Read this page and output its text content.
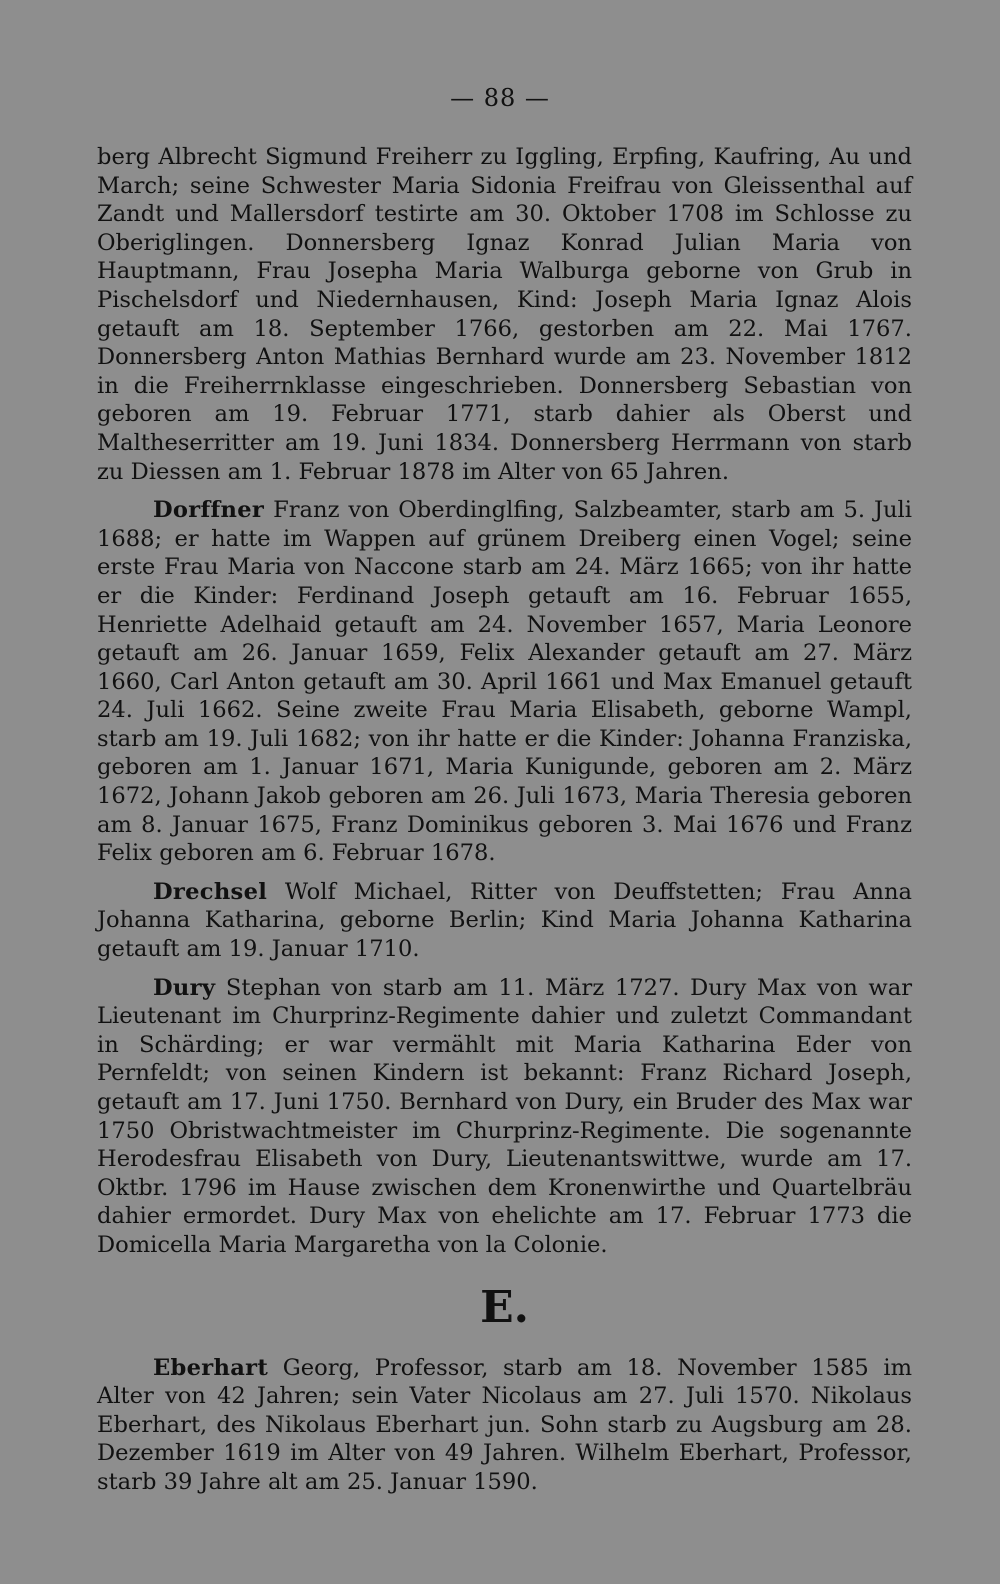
— 88 —

berg Albrecht Sigmund Freiherr zu Iggling, Erpfing, Kaufring, Au und March; seine Schwester Maria Sidonia Freifrau von Gleissenthal auf Zandt und Mallersdorf testirte am 30. Oktober 1708 im Schlosse zu Oberiglingen. Donnersberg Ignaz Konrad Julian Maria von Hauptmann, Frau Josepha Maria Walburga geborne von Grub in Pischelsdorf und Niedernhausen, Kind: Joseph Maria Ignaz Alois getauft am 18. September 1766, gestorben am 22. Mai 1767. Donnersberg Anton Mathias Bernhard wurde am 23. November 1812 in die Freiherrnklasse eingeschrieben. Donnersberg Sebastian von geboren am 19. Februar 1771, starb dahier als Oberst und Maltheserritter am 19. Juni 1834. Donnersberg Herrmann von starb zu Diessen am 1. Februar 1878 im Alter von 65 Jahren.

Dorffner Franz von Oberdinglfing, Salzbeamter, starb am 5. Juli 1688; er hatte im Wappen auf grünem Dreiberg einen Vogel; seine erste Frau Maria von Naccone starb am 24. März 1665; von ihr hatte er die Kinder: Ferdinand Joseph getauft am 16. Februar 1655, Henriette Adelhaid getauft am 24. November 1657, Maria Leonore getauft am 26. Januar 1659, Felix Alexander getauft am 27. März 1660, Carl Anton getauft am 30. April 1661 und Max Emanuel getauft 24. Juli 1662. Seine zweite Frau Maria Elisabeth, geborne Wampl, starb am 19. Juli 1682; von ihr hatte er die Kinder: Johanna Franziska, geboren am 1. Januar 1671, Maria Kunigunde, geboren am 2. März 1672, Johann Jakob geboren am 26. Juli 1673, Maria Theresia geboren am 8. Januar 1675, Franz Dominikus geboren 3. Mai 1676 und Franz Felix geboren am 6. Februar 1678.

Drechsel Wolf Michael, Ritter von Deuffstetten; Frau Anna Johanna Katharina, geborne Berlin; Kind Maria Johanna Katharina getauft am 19. Januar 1710.

Dury Stephan von starb am 11. März 1727. Dury Max von war Lieutenant im Churprinz-Regimente dahier und zuletzt Commandant in Schärding; er war vermählt mit Maria Katharina Eder von Pernfeldt; von seinen Kindern ist bekannt: Franz Richard Joseph, getauft am 17. Juni 1750. Bernhard von Dury, ein Bruder des Max war 1750 Obristwachtmeister im Churprinz-Regimente. Die sogenannte Herodesfrau Elisabeth von Dury, Lieutenantswittwe, wurde am 17. Oktbr. 1796 im Hause zwischen dem Kronenwirthe und Quartelbräu dahier ermordet. Dury Max von ehelichte am 17. Februar 1773 die Domicella Maria Margaretha von la Colonie.

E.

Eberhart Georg, Professor, starb am 18. November 1585 im Alter von 42 Jahren; sein Vater Nicolaus am 27. Juli 1570. Nikolaus Eberhart, des Nikolaus Eberhart jun. Sohn starb zu Augsburg am 28. Dezember 1619 im Alter von 49 Jahren. Wilhelm Eberhart, Professor, starb 39 Jahre alt am 25. Januar 1590.
